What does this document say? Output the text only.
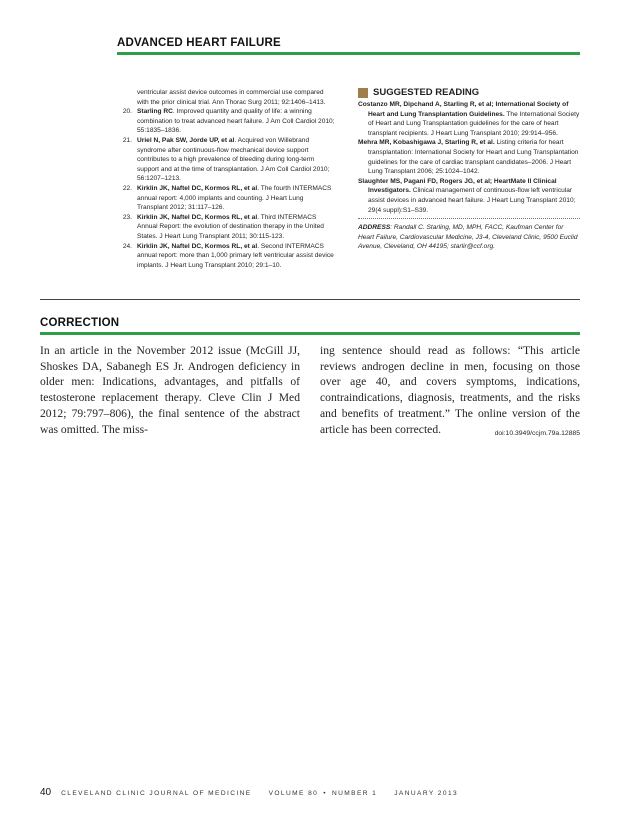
ADVANCED HEART FAILURE
ventricular assist device outcomes in commercial use compared with the prior clinical trial. Ann Thorac Surg 2011; 92:1406–1413.
20. Starling RC. Improved quantity and quality of life: a winning combination to treat advanced heart failure. J Am Coll Cardiol 2010; 55:1835–1836.
21. Uriel N, Pak SW, Jorde UP, et al. Acquired von Willebrand syndrome after continuous-flow mechanical device support contributes to a high prevalence of bleeding during long-term support and at the time of transplantation. J Am Coll Cardiol 2010; 56:1207–1213.
22. Kirklin JK, Naftel DC, Kormos RL, et al. The fourth INTERMACS annual report: 4,000 implants and counting. J Heart Lung Transplant 2012; 31:117–126.
23. Kirklin JK, Naftel DC, Kormos RL, et al. Third INTERMACS Annual Report: the evolution of destination therapy in the United States. J Heart Lung Transplant 2011; 30:115-123.
24. Kirklin JK, Naftel DC, Kormos RL, et al. Second INTERMACS annual report: more than 1,000 primary left ventricular assist device implants. J Heart Lung Transplant 2010; 29:1–10.
SUGGESTED READING
Costanzo MR, Dipchand A, Starling R, et al; International Society of Heart and Lung Transplantation Guidelines. The International Society of Heart and Lung Transplantation guidelines for the care of heart transplant recipients. J Heart Lung Transplant 2010; 29:914–956.
Mehra MR, Kobashigawa J, Starling R, et al. Listing criteria for heart transplantation: International Society for Heart and Lung Transplantation guidelines for the care of cardiac transplant candidates–2006. J Heart Lung Transplant 2006; 25:1024–1042.
Slaughter MS, Pagani FD, Rogers JG, et al; HeartMate II Clinical Investigators. Clinical management of continuous-flow left ventricular assist devices in advanced heart failure. J Heart Lung Transplant 2010; 29(4 suppl):S1–S39.
ADDRESS: Randall C. Starling, MD, MPH, FACC, Kaufman Center for Heart Failure, Cardiovascular Medicine, J3-4, Cleveland Clinic, 9500 Euclid Avenue, Cleveland, OH 44195; starlir@ccf.org.
CORRECTION
In an article in the November 2012 issue (McGill JJ, Shoskes DA, Sabanegh ES Jr. Androgen deficiency in older men: Indications, advantages, and pitfalls of testosterone replacement therapy. Cleve Clin J Med 2012; 79:797–806), the final sentence of the abstract was omitted. The miss-
ing sentence should read as follows: “This article reviews androgen decline in men, focusing on those over age 40, and covers symptoms, indications, contraindications, diagnosis, treatments, and the risks and benefits of treatment.” The online version of the article has been corrected.	doi:10.3949/ccjm.79a.12885
40 CLEVELAND CLINIC JOURNAL OF MEDICINE	VOLUME 80 • NUMBER 1	JANUARY 2013
